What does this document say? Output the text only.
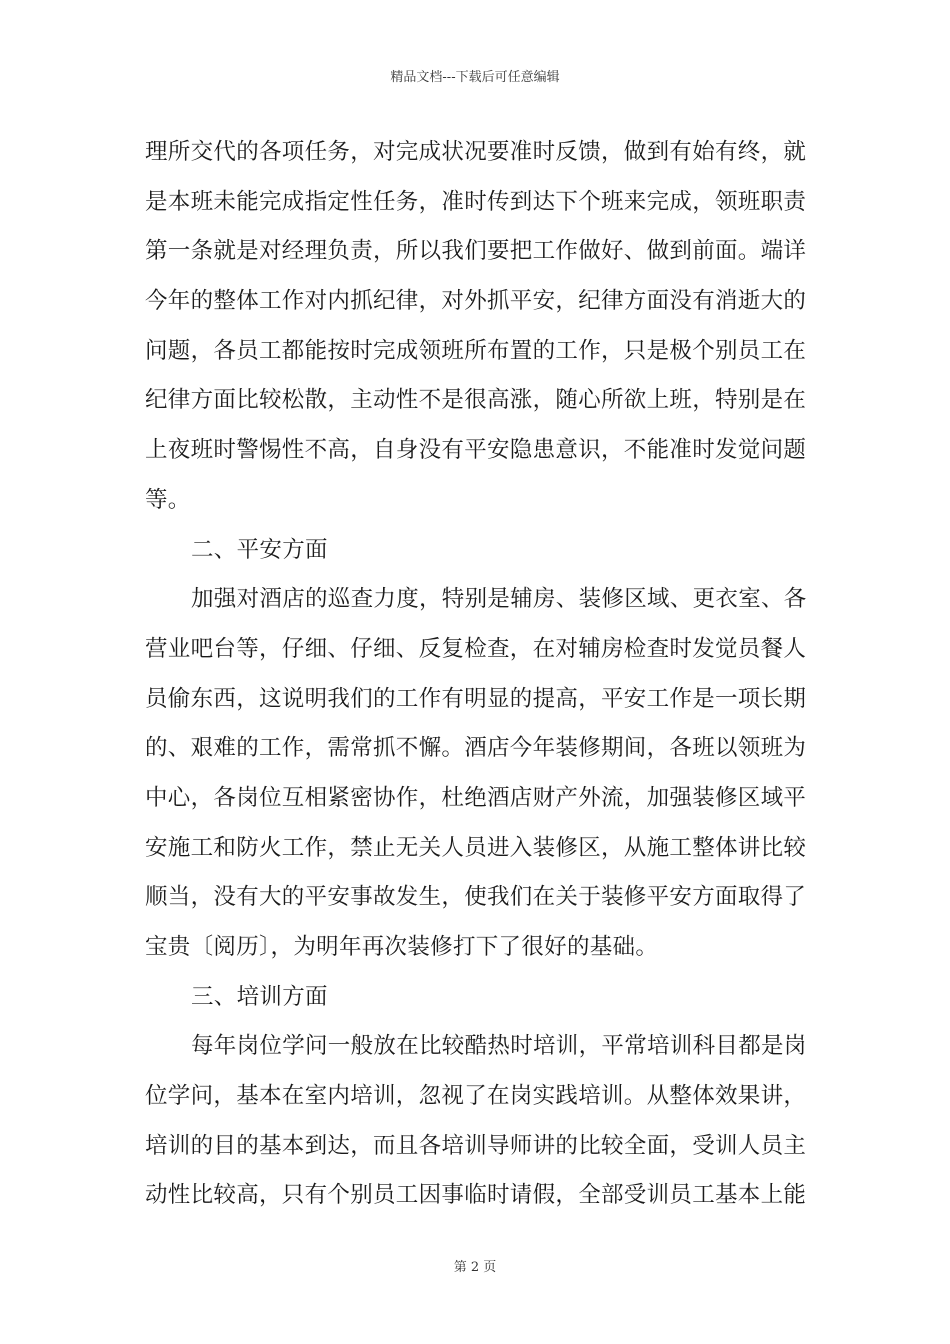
精品文档---下载后可任意编辑
理所交代的各项任务，对完成状况要准时反馈，做到有始有终，就
是本班未能完成指定性任务，准时传到达下个班来完成，领班职责
第一条就是对经理负责，所以我们要把工作做好、做到前面。端详
今年的整体工作对内抓纪律，对外抓平安，纪律方面没有消逝大的
问题，各员工都能按时完成领班所布置的工作，只是极个别员工在
纪律方面比较松散，主动性不是很高涨，随心所欲上班，特别是在
上夜班时警惕性不高，自身没有平安隐患意识，不能准时发觉问题
等。
二、平安方面
加强对酒店的巡查力度，特别是辅房、装修区域、更衣室、各
营业吧台等，仔细、仔细、反复检查，在对辅房检查时发觉员餐人
员偷东西，这说明我们的工作有明显的提高，平安工作是一项长期
的、艰难的工作，需常抓不懈。酒店今年装修期间，各班以领班为
中心，各岗位互相紧密协作，杜绝酒店财产外流，加强装修区域平
安施工和防火工作，禁止无关人员进入装修区，从施工整体讲比较
顺当，没有大的平安事故发生，使我们在关于装修平安方面取得了
宝贵〔阅历〕，为明年再次装修打下了很好的基础。
三、培训方面
每年岗位学问一般放在比较酷热时培训，平常培训科目都是岗
位学问，基本在室内培训，忽视了在岗实践培训。从整体效果讲，
培训的目的基本到达，而且各培训导师讲的比较全面，受训人员主
动性比较高，只有个别员工因事临时请假，全部受训员工基本上能
第 2 页
